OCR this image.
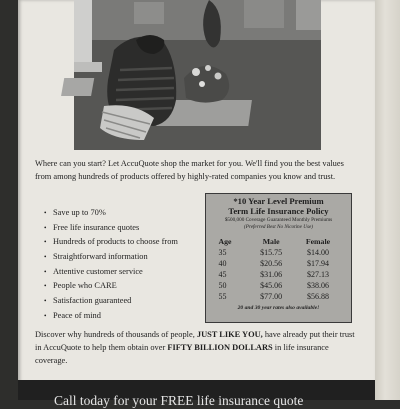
Where can you start? Let AccuQuote shop the market for you. We'll find you the best values from among hundreds of products offered by highly-rated companies you know and trust.

• Save up to 70%
• Free life insurance quotes
• Hundreds of products to choose from
• Straightforward information
• Attentive customer service
• People who CARE
• Satisfaction guaranteed
• Peace of mind
*10 Year Level Premium
Term Life Insurance Policy
$500,000 Coverage Guaranteed Monthly Premiums
(Preferred Best No Nicotine Use)
Age	Male	Female
35	$15.75	$14.00
40	$20.56	$17.94
45	$31.06	$27.13
50	$45.06	$38.06
55	$77.00	$56.88
20 and 30 year rates also available!

Discover why hundreds of thousands of people, JUST LIKE YOU, have already put their trust in AccuQuote to help them obtain over FIFTY BILLION DOLLARS in life insurance coverage.

Call today for your FREE life insurance quote
